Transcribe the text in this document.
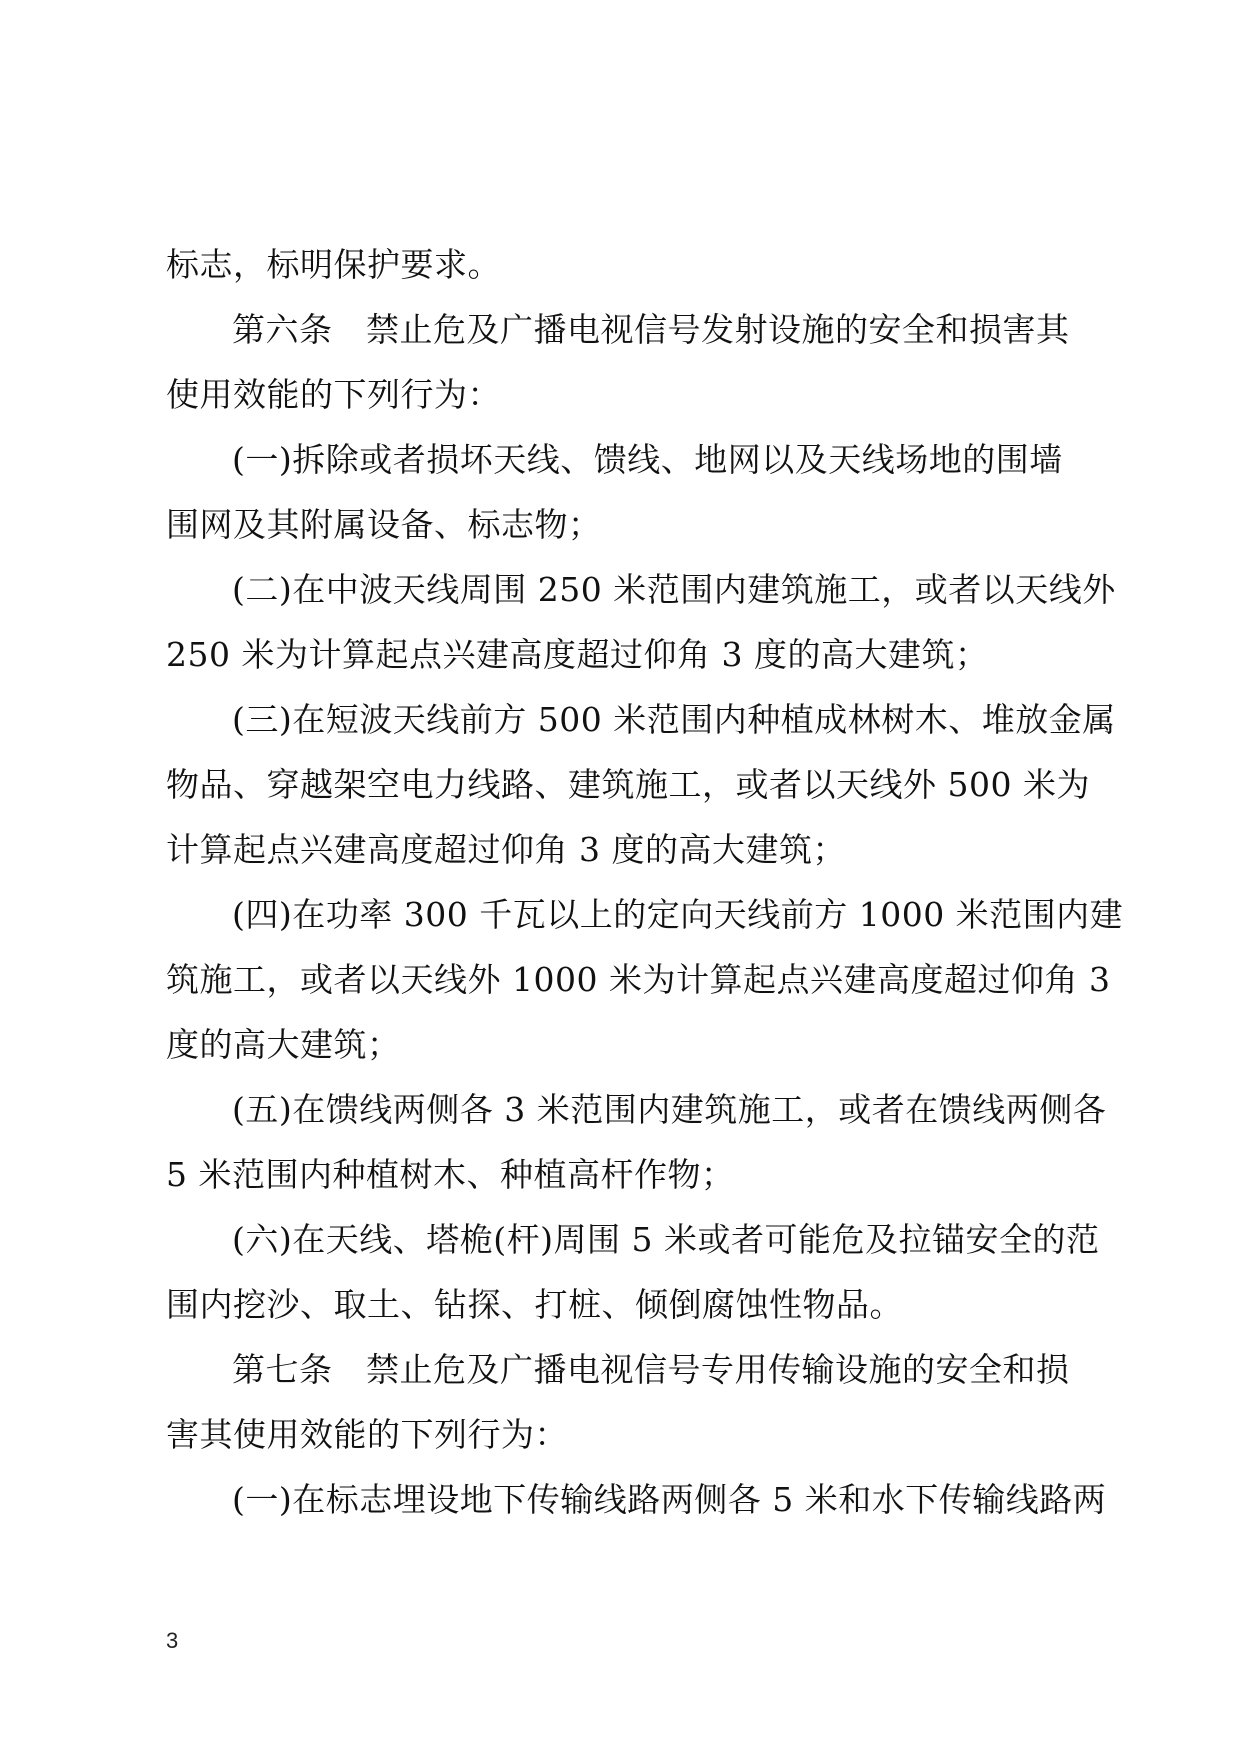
标志，标明保护要求。
第六条　禁止危及广播电视信号发射设施的安全和损害其
使用效能的下列行为：
(一)拆除或者损坏天线、馈线、地网以及天线场地的围墙
围网及其附属设备、标志物；
(二)在中波天线周围 250 米范围内建筑施工，或者以天线外
250 米为计算起点兴建高度超过仰角 3 度的高大建筑；
(三)在短波天线前方 500 米范围内种植成林树木、堆放金属
物品、穿越架空电力线路、建筑施工，或者以天线外 500 米为
计算起点兴建高度超过仰角 3 度的高大建筑；
(四)在功率 300 千瓦以上的定向天线前方 1000 米范围内建
筑施工，或者以天线外 1000 米为计算起点兴建高度超过仰角 3
度的高大建筑；
(五)在馈线两侧各 3 米范围内建筑施工，或者在馈线两侧各
5 米范围内种植树木、种植高杆作物；
(六)在天线、塔桅(杆)周围 5 米或者可能危及拉锚安全的范
围内挖沙、取土、钻探、打桩、倾倒腐蚀性物品。
第七条　禁止危及广播电视信号专用传输设施的安全和损
害其使用效能的下列行为：
(一)在标志埋设地下传输线路两侧各 5 米和水下传输线路两
3
